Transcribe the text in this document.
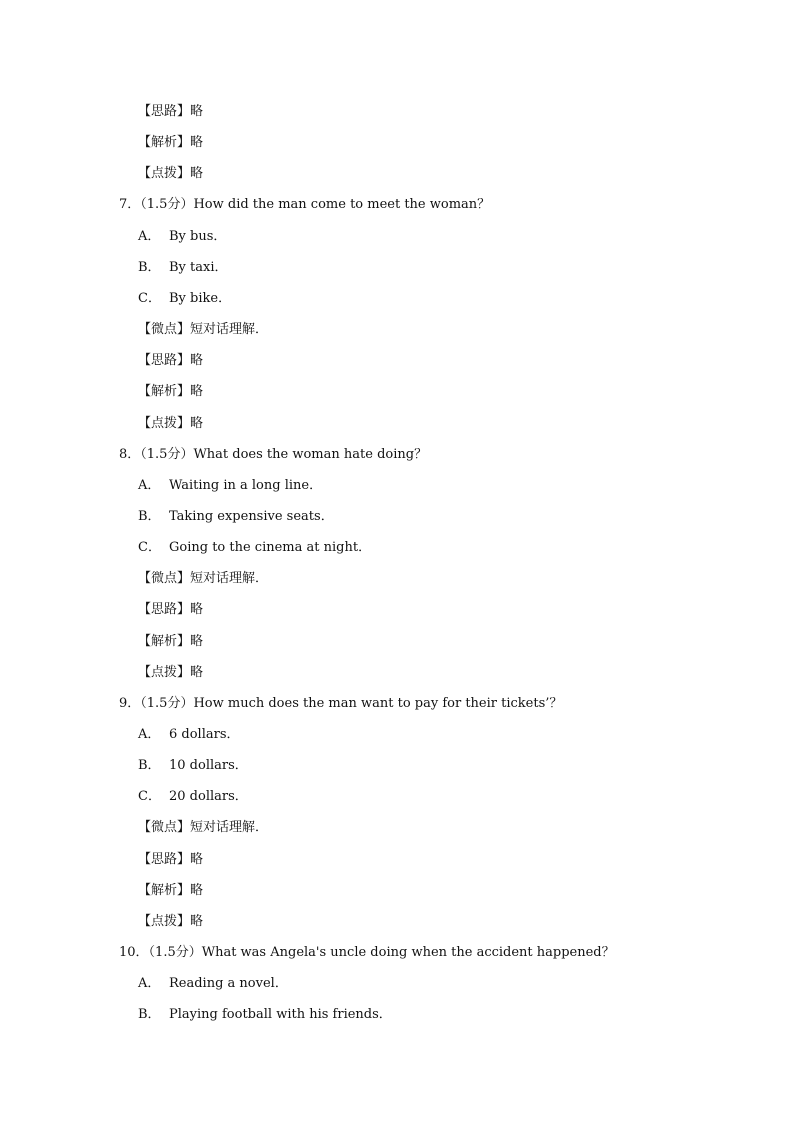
【思路】略
【解析】略
【点拨】略
7．（1.5分）How did the man come to meet the woman？
A． By bus．
B． By taxi．
C． By bike．
【微点】短对话理解．
【思路】略
【解析】略
【点拨】略
8．（1.5分）What does the woman hate doing？
A． Waiting in a long line．
B． Taking expensive seats．
C． Going to the cinema at night．
【微点】短对话理解．
【思路】略
【解析】略
【点拨】略
9．（1.5分）How much does the man want to pay for their tickets’？
A． 6 dollars．
B． 10 dollars．
C． 20 dollars．
【微点】短对话理解．
【思路】略
【解析】略
【点拨】略
10．（1.5分）What was Angela's uncle doing when the accident happened？
A． Reading a novel．
B． Playing football with his friends．
